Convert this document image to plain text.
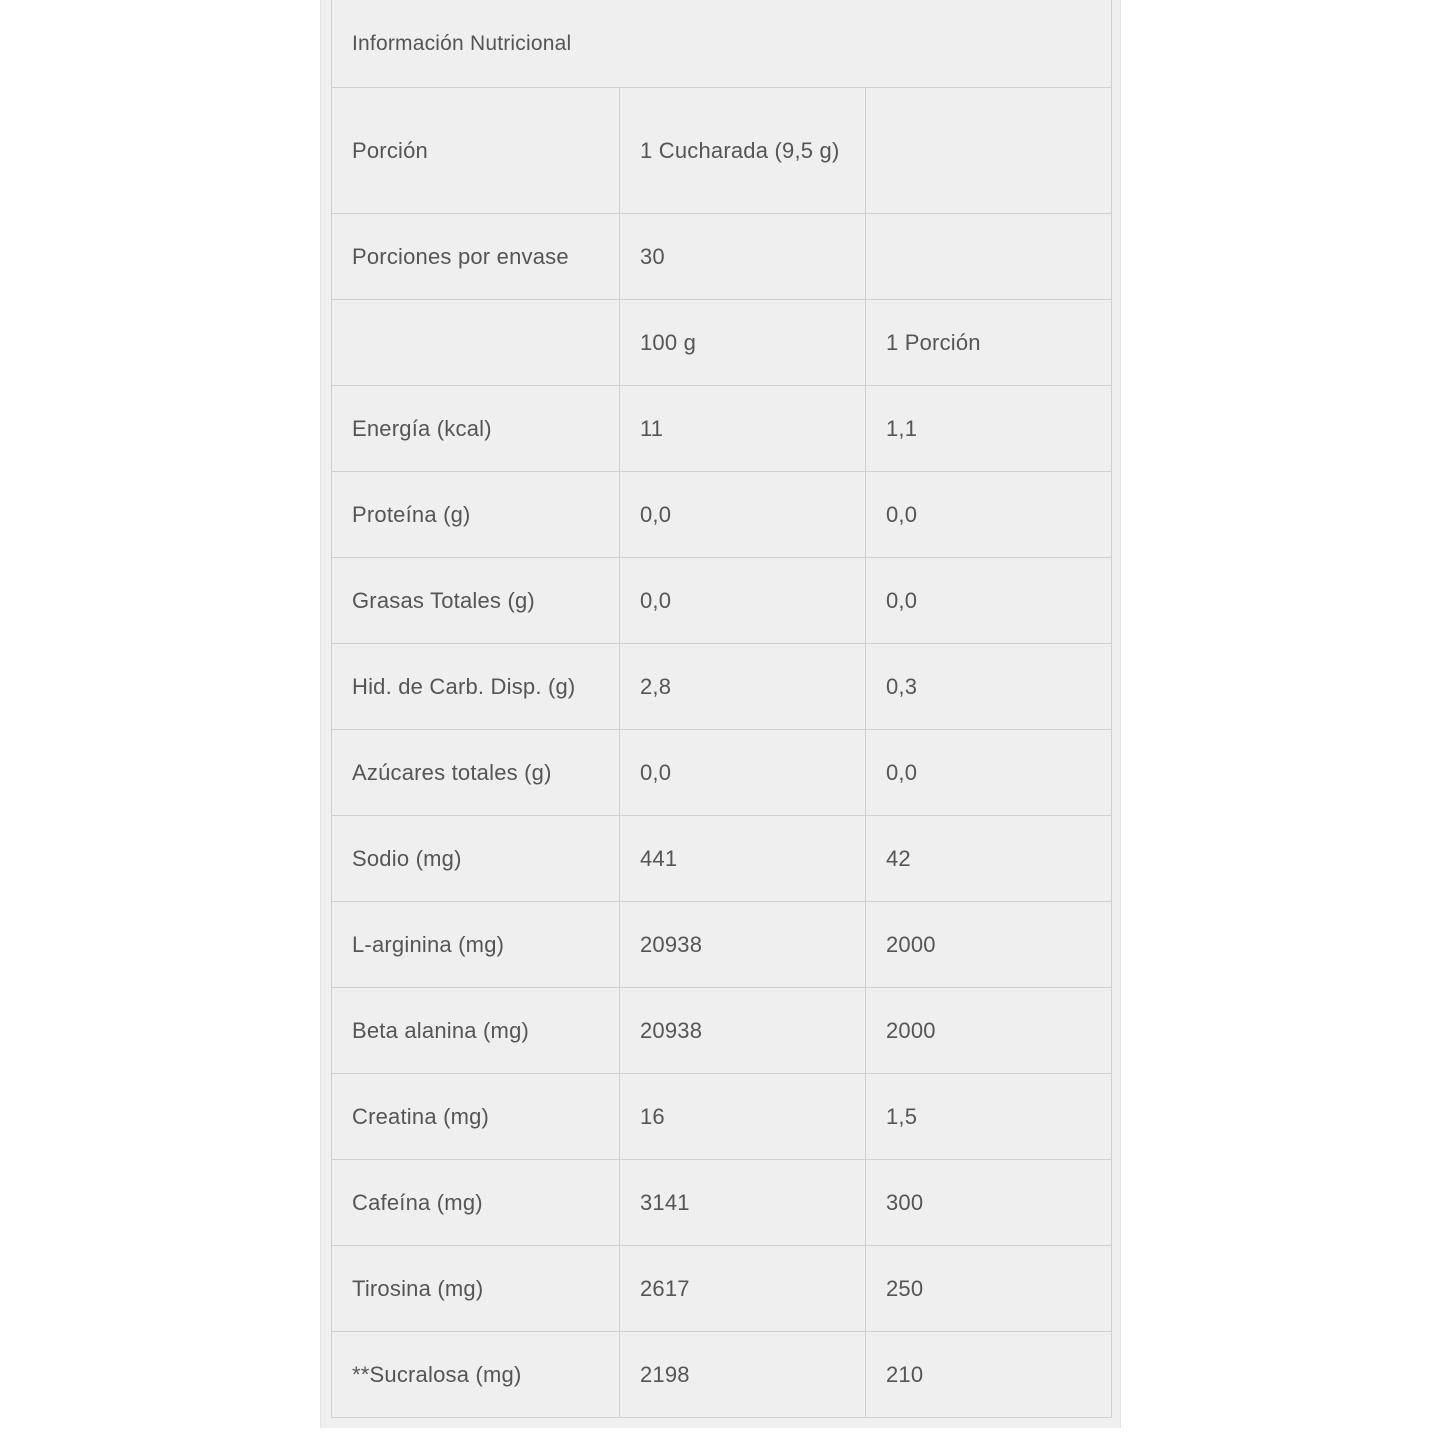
Información Nutricional		
Porción	1 Cucharada (9,5 g)	
Porciones por envase	30	
	100 g	1 Porción
Energía (kcal)	11	1,1
Proteína (g)	0,0	0,0
Grasas Totales (g)	0,0	0,0
Hid. de Carb. Disp. (g)	2,8	0,3
Azúcares totales (g)	0,0	0,0
Sodio (mg)	441	42
L-arginina (mg)	20938	2000
Beta alanina (mg)	20938	2000
Creatina (mg)	16	1,5
Cafeína (mg)	3141	300
Tirosina (mg)	2617	250
**Sucralosa (mg)	2198	210
